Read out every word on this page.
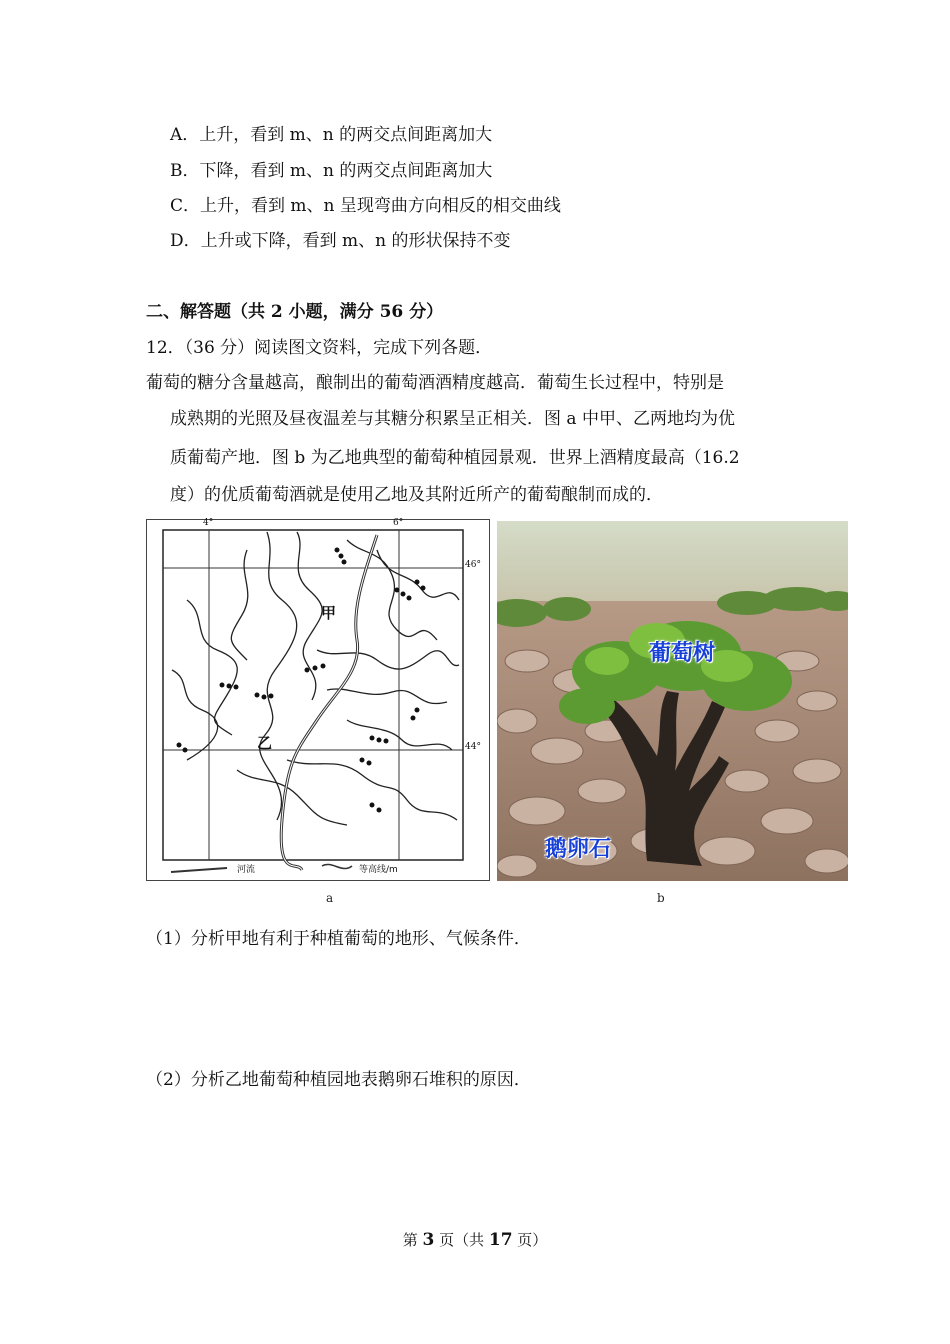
A．上升，看到 m、n 的两交点间距离加大
B．下降，看到 m、n 的两交点间距离加大
C．上升，看到 m、n 呈现弯曲方向相反的相交曲线
D．上升或下降，看到 m、n 的形状保持不变
二、解答题（共 2 小题，满分 56 分）
12．（36 分）阅读图文资料，完成下列各题．
葡萄的糖分含量越高，酿制出的葡萄酒酒精度越高．葡萄生长过程中，特别是
成熟期的光照及昼夜温差与其糖分积累呈正相关．图 a 中甲、乙两地均为优
质葡萄产地．图 b 为乙地典型的葡萄种植园景观．世界上酒精度最高（16.2
度）的优质葡萄酒就是使用乙地及其附近所产的葡萄酿制而成的．
甲
乙
4°	6°
46°
44°
河流	等高线/m
葡萄树
鹅卵石
a	b
（1）分析甲地有利于种植葡萄的地形、气候条件．
（2）分析乙地葡萄种植园地表鹅卵石堆积的原因．
第 3 页（共 17 页）
